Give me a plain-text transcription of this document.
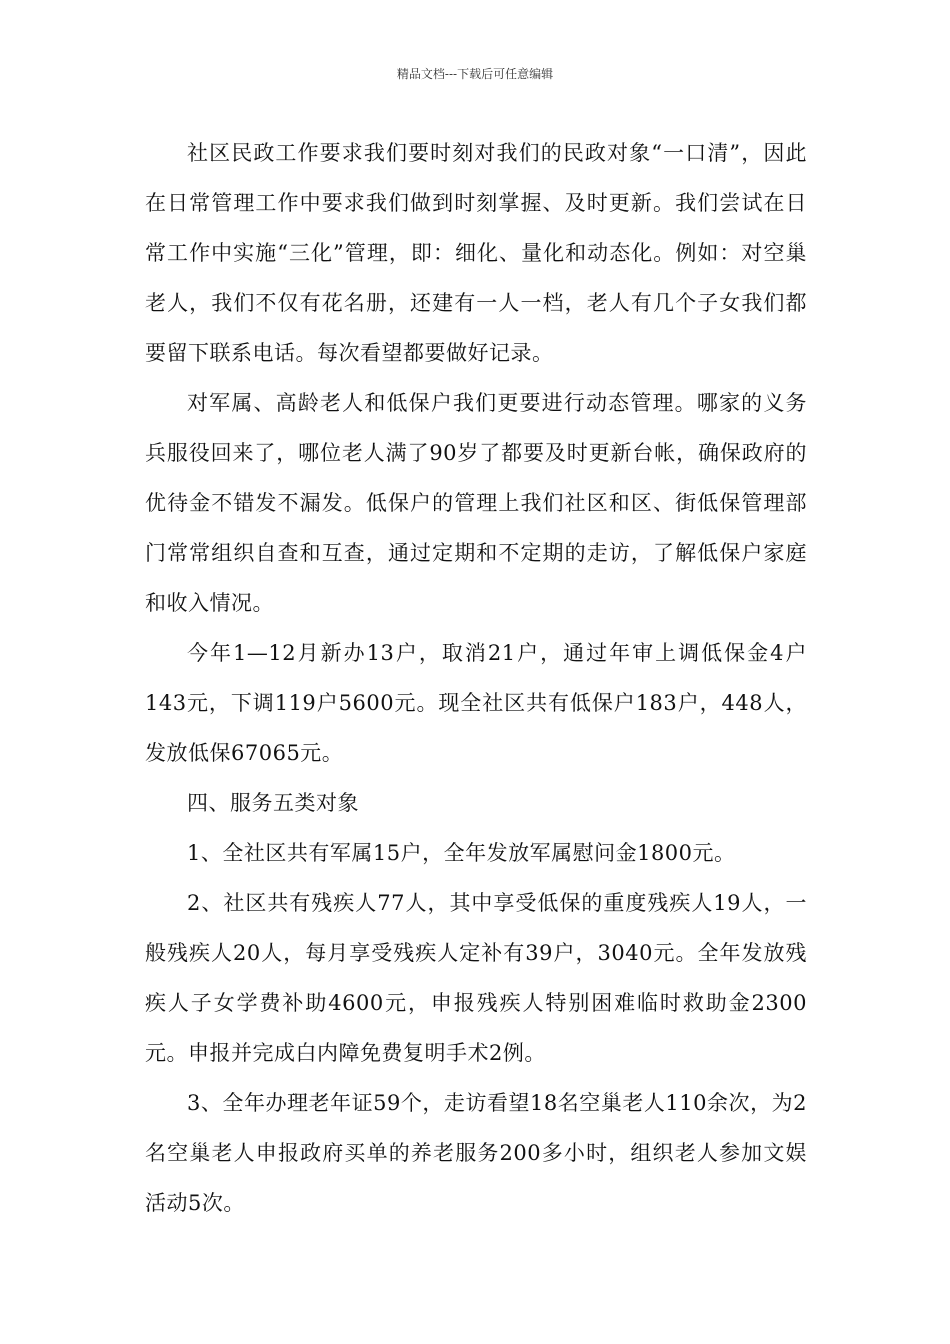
精品文档---下载后可任意编辑

社区民政工作要求我们要时刻对我们的民政对象“一口清”，因此在日常管理工作中要求我们做到时刻掌握、及时更新。我们尝试在日常工作中实施“三化”管理，即：细化、量化和动态化。例如：对空巢老人，我们不仅有花名册，还建有一人一档，老人有几个子女我们都要留下联系电话。每次看望都要做好记录。

对军属、高龄老人和低保户我们更要进行动态管理。哪家的义务兵服役回来了，哪位老人满了90岁了都要及时更新台帐，确保政府的优待金不错发不漏发。低保户的管理上我们社区和区、街低保管理部门常常组织自查和互查，通过定期和不定期的走访，了解低保户家庭和收入情况。

今年1—12月新办13户，取消21户，通过年审上调低保金4户143元，下调119户5600元。现全社区共有低保户183户，448人，发放低保67065元。

四、服务五类对象

1、全社区共有军属15户，全年发放军属慰问金1800元。

2、社区共有残疾人77人，其中享受低保的重度残疾人19人，一般残疾人20人，每月享受残疾人定补有39户，3040元。全年发放残疾人子女学费补助4600元，申报残疾人特别困难临时救助金2300元。申报并完成白内障免费复明手术2例。

3、全年办理老年证59个，走访看望18名空巢老人110余次，为2名空巢老人申报政府买单的养老服务200多小时，组织老人参加文娱活动5次。
